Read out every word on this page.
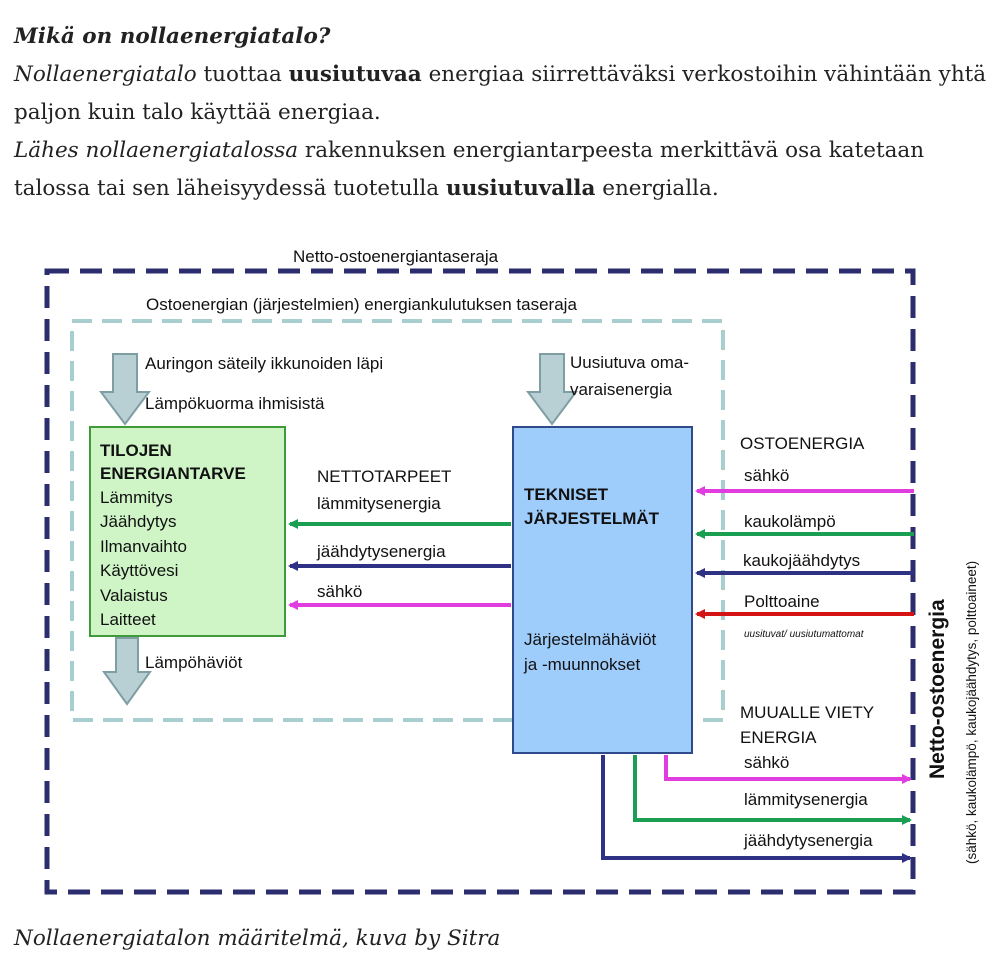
Mikä on nollaenergiatalo?

Nollaenergiatalo tuottaa uusiutuvaa energiaa siirrettäväksi verkostoihin vähintään yhtä paljon kuin talo käyttää energiaa.

Lähes nollaenergiatalossa rakennuksen energiantarpeesta merkittävä osa katetaan talossa tai sen läheisyydessä tuotetulla uusiutuvalla energialla.

Netto-ostoenergiantaseraja
Ostoenergian (järjestelmien) energiankulutuksen taseraja
Auringon säteily ikkunoiden läpi
Lämpökuorma ihmisistä
Uusiutuva oma-
varaisenergia
TILOJEN
ENERGIANTARVE
Lämmitys
Jäähdytys
Ilmanvaihto
Käyttövesi
Valaistus
Laitteet
Lämpöhäviöt
TEKNISET
JÄRJESTELMÄT
Järjestelmähäviöt
ja -muunnokset
NETTOTARPEET
lämmitysenergia
jäähdytysenergia
sähkö
OSTOENERGIA
sähkö
kaukolämpö
kaukojäähdytys
Polttoaine
uusituvat/ uusiutumattomat
MUUALLE VIETY
ENERGIA
sähkö
lämmitysenergia
jäähdytysenergia
Netto-ostoenergia (sähkö, kaukolämpö, kaukojäähdytys, polttoaineet)
Nollaenergiatalon määritelmä, kuva by Sitra
